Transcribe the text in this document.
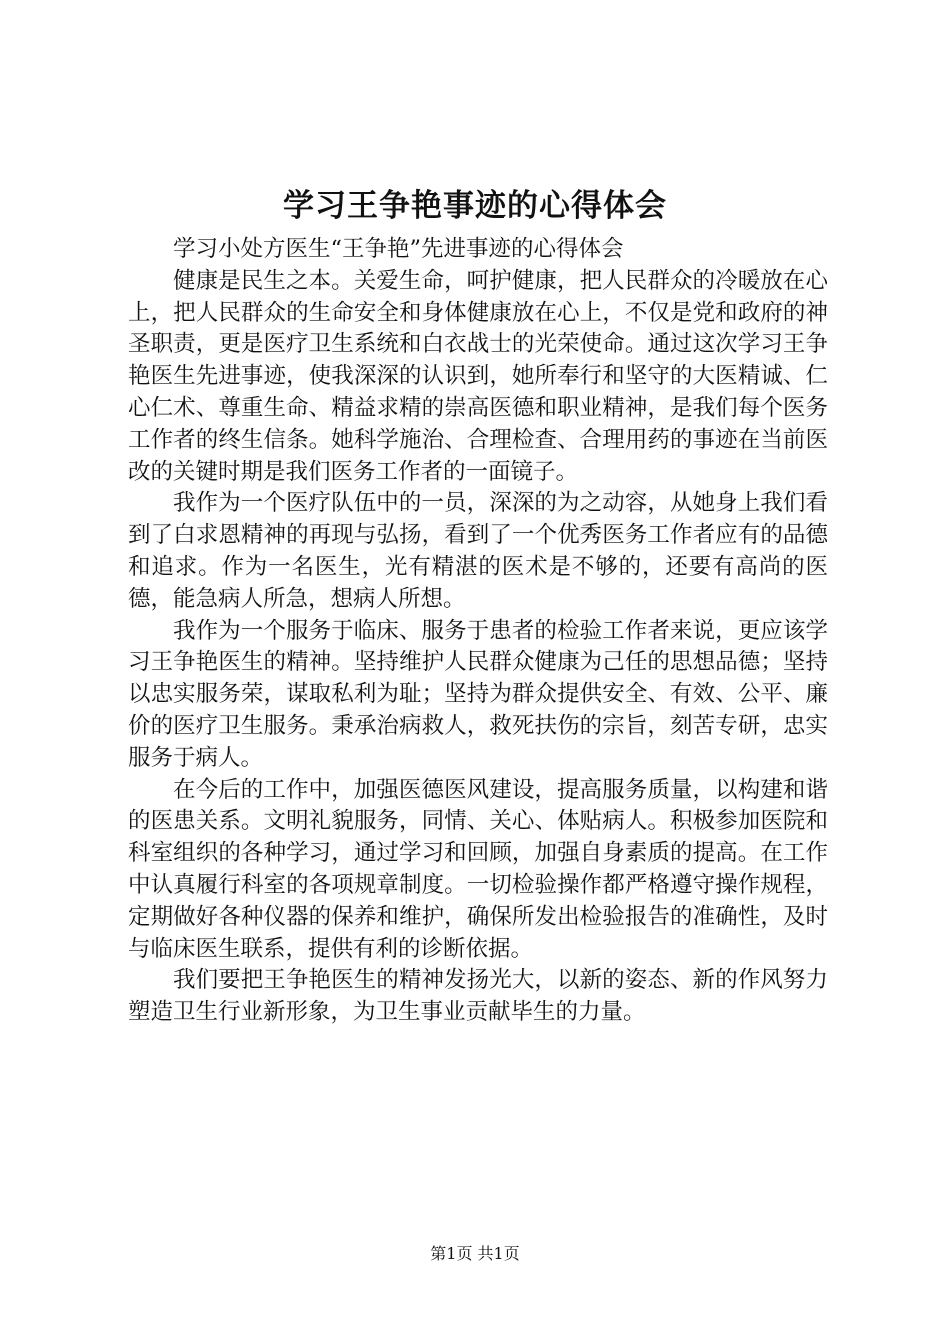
学习王争艳事迹的心得体会

学习小处方医生“王争艳”先进事迹的心得体会

健康是民生之本。关爱生命，呵护健康，把人民群众的冷暖放在心上，把人民群众的生命安全和身体健康放在心上，不仅是党和政府的神圣职责，更是医疗卫生系统和白衣战士的光荣使命。通过这次学习王争艳医生先进事迹，使我深深的认识到，她所奉行和坚守的大医精诚、仁心仁术、尊重生命、精益求精的崇高医德和职业精神，是我们每个医务工作者的终生信条。她科学施治、合理检查、合理用药的事迹在当前医改的关键时期是我们医务工作者的一面镜子。

我作为一个医疗队伍中的一员，深深的为之动容，从她身上我们看到了白求恩精神的再现与弘扬，看到了一个优秀医务工作者应有的品德和追求。作为一名医生，光有精湛的医术是不够的，还要有高尚的医德，能急病人所急，想病人所想。

我作为一个服务于临床、服务于患者的检验工作者来说，更应该学习王争艳医生的精神。坚持维护人民群众健康为己任的思想品德；坚持以忠实服务荣，谋取私利为耻；坚持为群众提供安全、有效、公平、廉价的医疗卫生服务。秉承治病救人，救死扶伤的宗旨，刻苦专研，忠实服务于病人。

在今后的工作中，加强医德医风建设，提高服务质量，以构建和谐的医患关系。文明礼貌服务，同情、关心、体贴病人。积极参加医院和科室组织的各种学习，通过学习和回顾，加强自身素质的提高。在工作中认真履行科室的各项规章制度。一切检验操作都严格遵守操作规程，定期做好各种仪器的保养和维护，确保所发出检验报告的准确性，及时与临床医生联系，提供有利的诊断依据。

我们要把王争艳医生的精神发扬光大，以新的姿态、新的作风努力塑造卫生行业新形象，为卫生事业贡献毕生的力量。

第1页 共1页
